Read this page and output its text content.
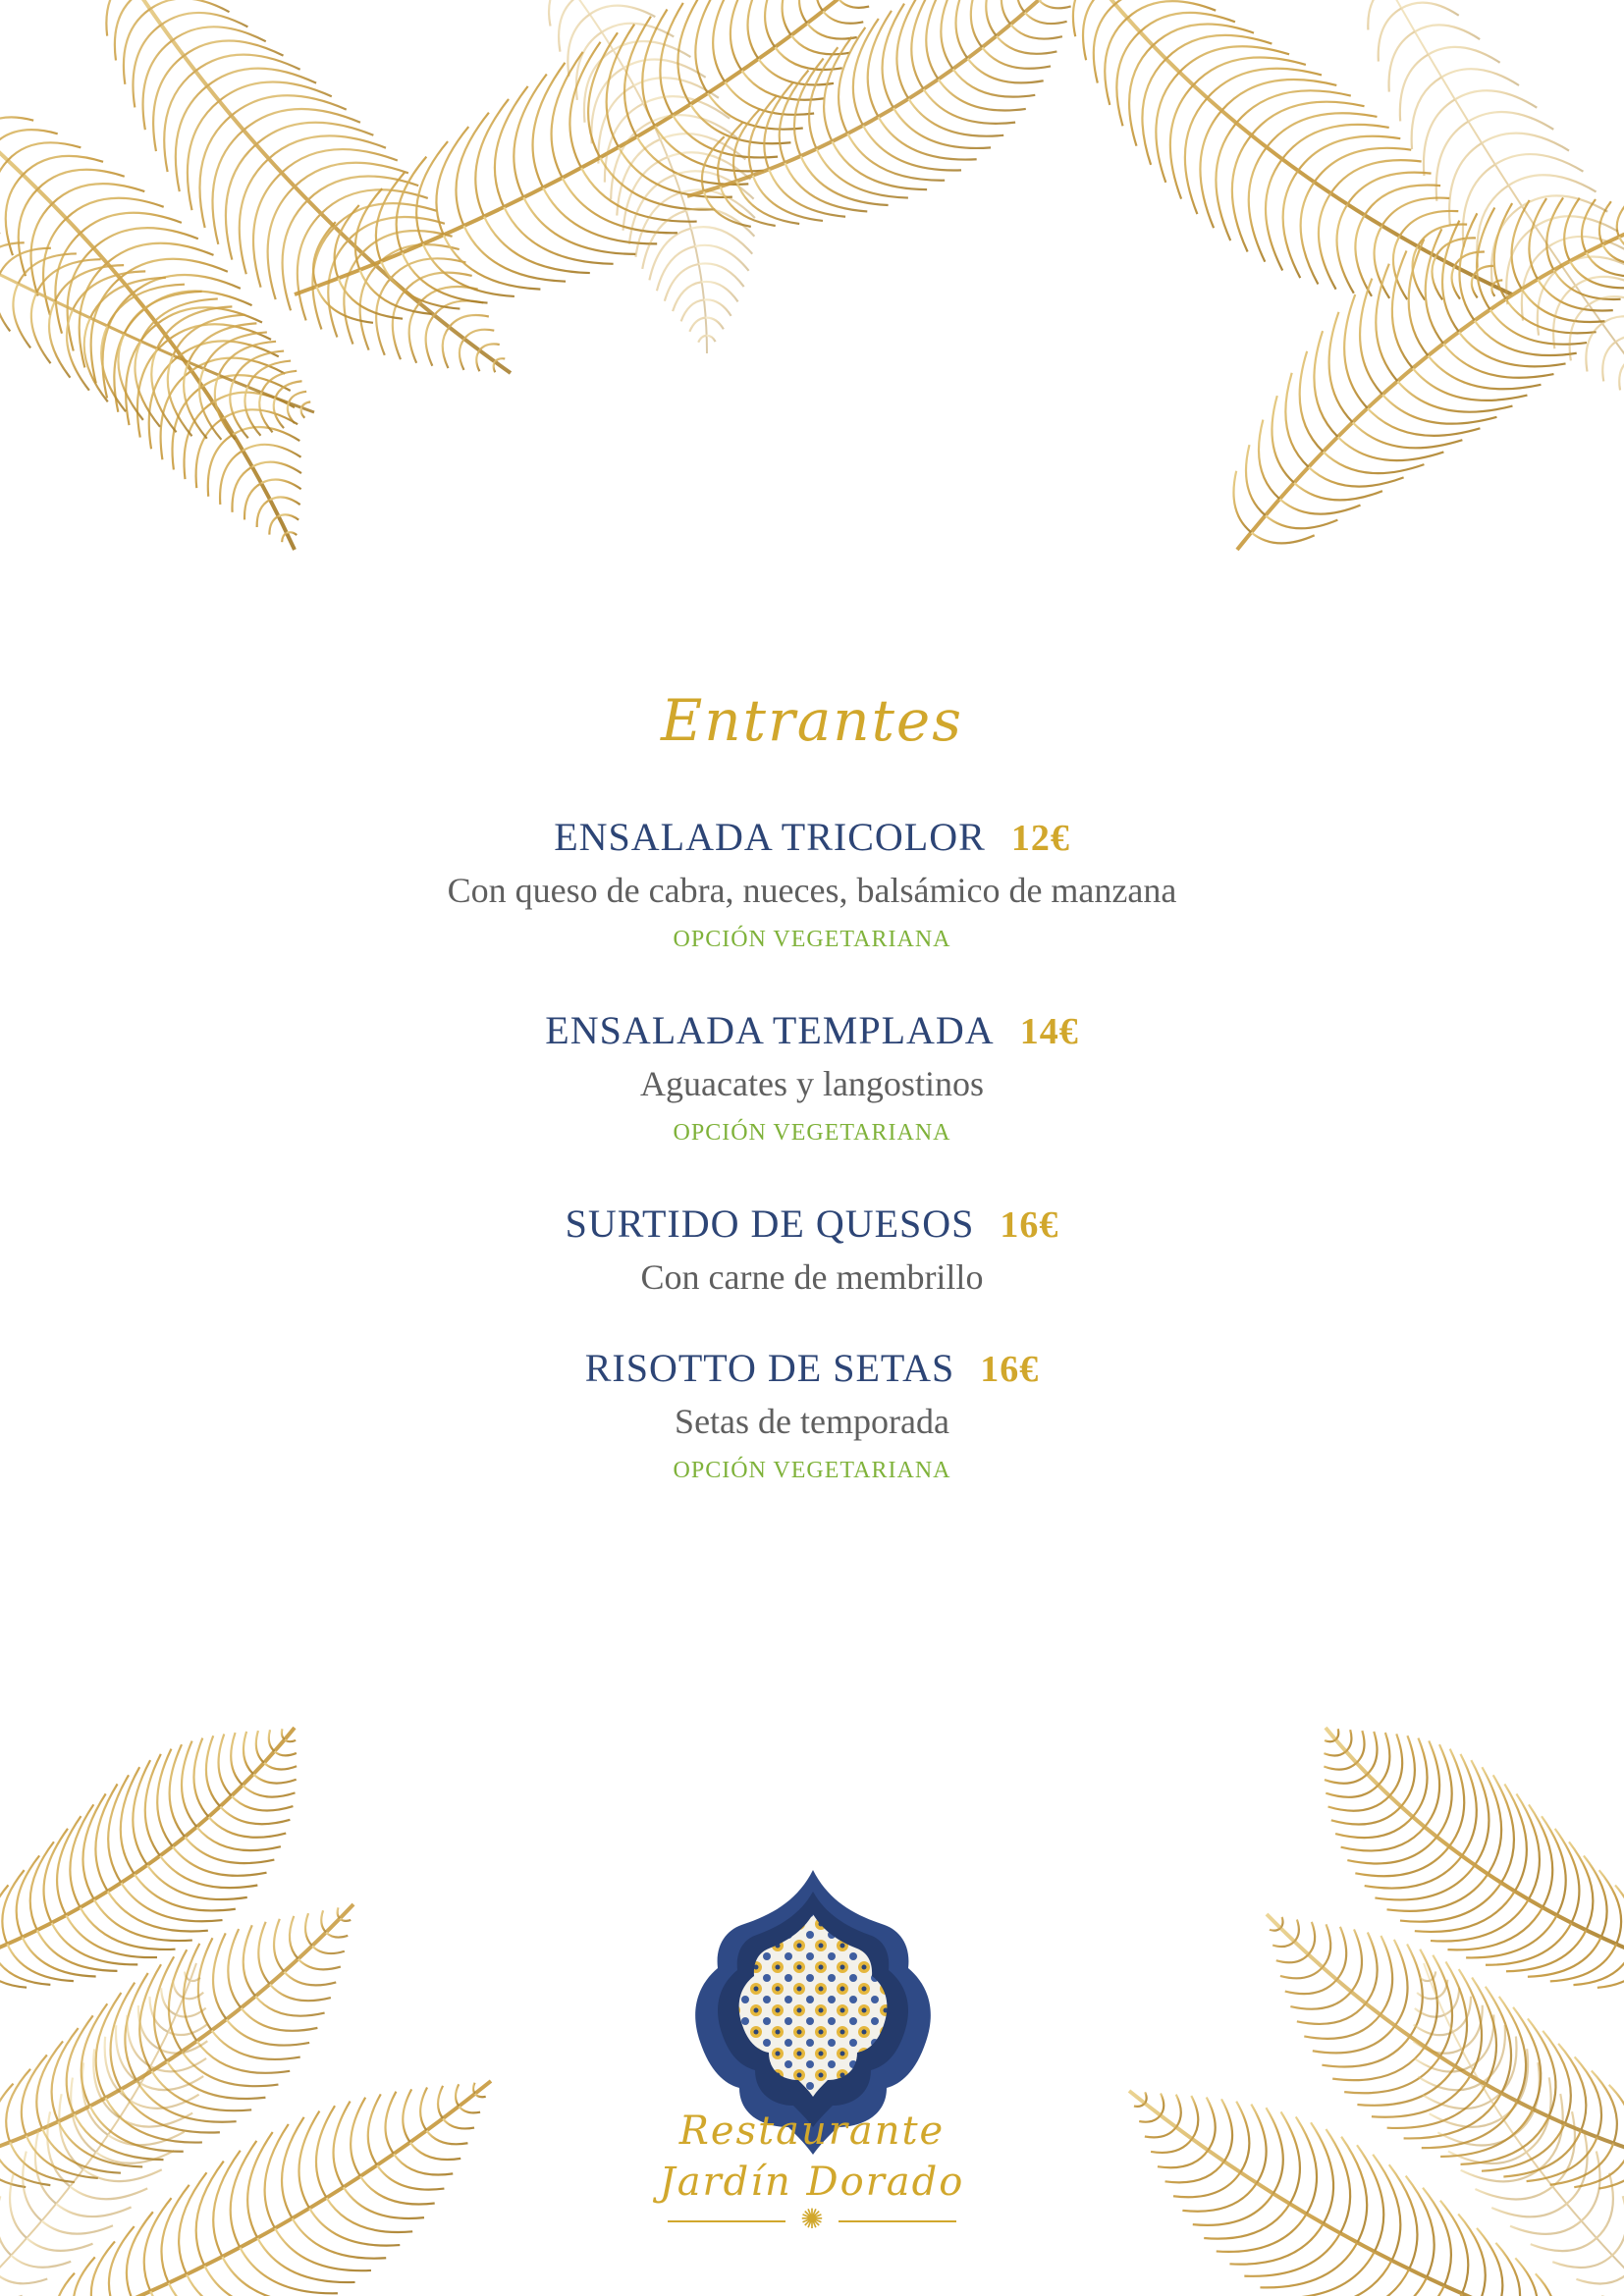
Entrantes
ENSALADA TRICOLOR 12€
Con queso de cabra, nueces, balsámico de manzana
OPCIÓN VEGETARIANA
ENSALADA TEMPLADA 14€
Aguacates y langostinos
OPCIÓN VEGETARIANA
SURTIDO DE QUESOS 16€
Con carne de membrillo
RISOTTO DE SETAS 16€
Setas de temporada
OPCIÓN VEGETARIANA
Restaurante
Jardín Dorado
✺
